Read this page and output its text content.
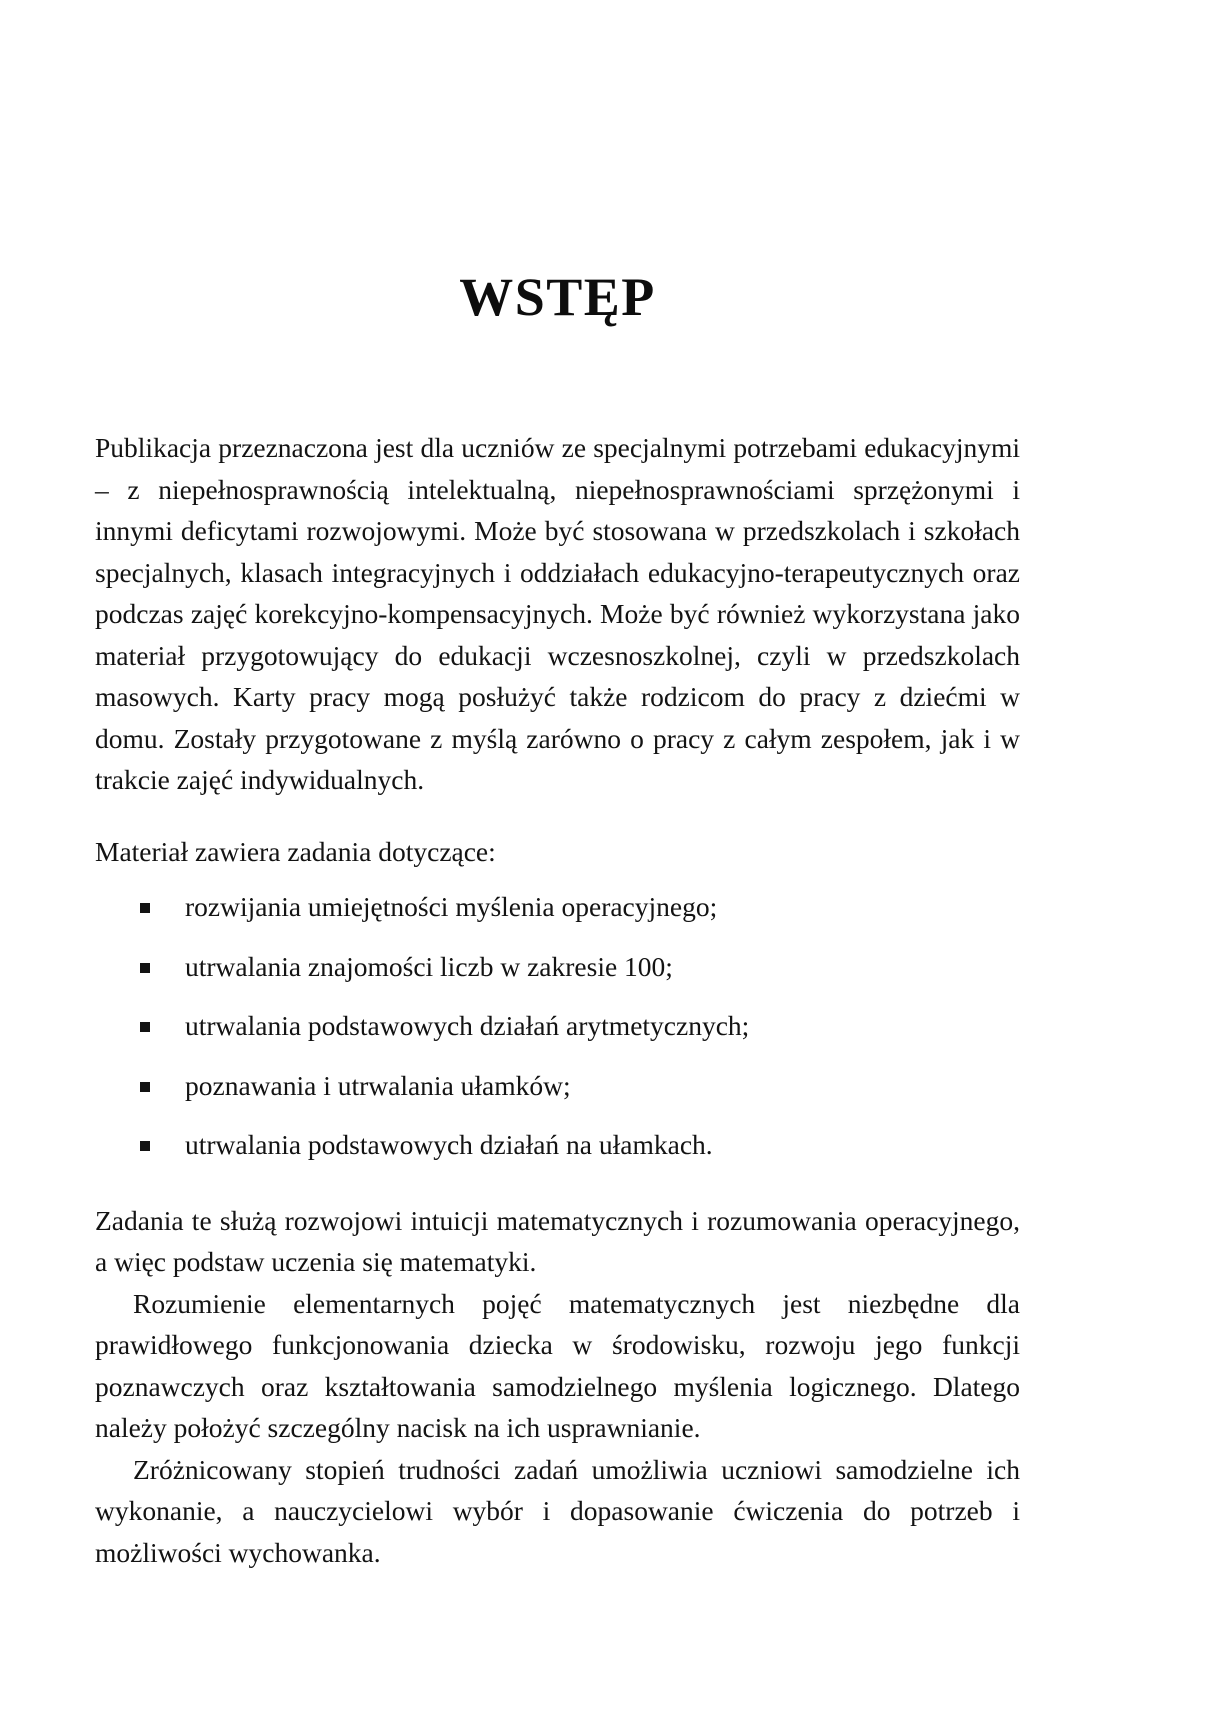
WSTĘP

Publikacja przeznaczona jest dla uczniów ze specjalnymi potrzebami edukacyjnymi – z niepełnosprawnością intelektualną, niepełnosprawnościami sprzężonymi i innymi deficytami rozwojowymi. Może być stosowana w przedszkolach i szkołach specjalnych, klasach integracyjnych i oddziałach edukacyjno-terapeutycznych oraz podczas zajęć korekcyjno-kompensacyjnych. Może być również wykorzystana jako materiał przygotowujący do edukacji wczesnoszkolnej, czyli w przedszkolach masowych. Karty pracy mogą posłużyć także rodzicom do pracy z dziećmi w domu. Zostały przygotowane z myślą zarówno o pracy z całym zespołem, jak i w trakcie zajęć indywidualnych.

Materiał zawiera zadania dotyczące:

rozwijania umiejętności myślenia operacyjnego;
utrwalania znajomości liczb w zakresie 100;
utrwalania podstawowych działań arytmetycznych;
poznawania i utrwalania ułamków;
utrwalania podstawowych działań na ułamkach.

Zadania te służą rozwojowi intuicji matematycznych i rozumowania operacyjnego, a więc podstaw uczenia się matematyki.

Rozumienie elementarnych pojęć matematycznych jest niezbędne dla prawidłowego funkcjonowania dziecka w środowisku, rozwoju jego funkcji poznawczych oraz kształtowania samodzielnego myślenia logicznego. Dlatego należy położyć szczególny nacisk na ich usprawnianie.

Zróżnicowany stopień trudności zadań umożliwia uczniowi samodzielne ich wykonanie, a nauczycielowi wybór i dopasowanie ćwiczenia do potrzeb i możliwości wychowanka.
